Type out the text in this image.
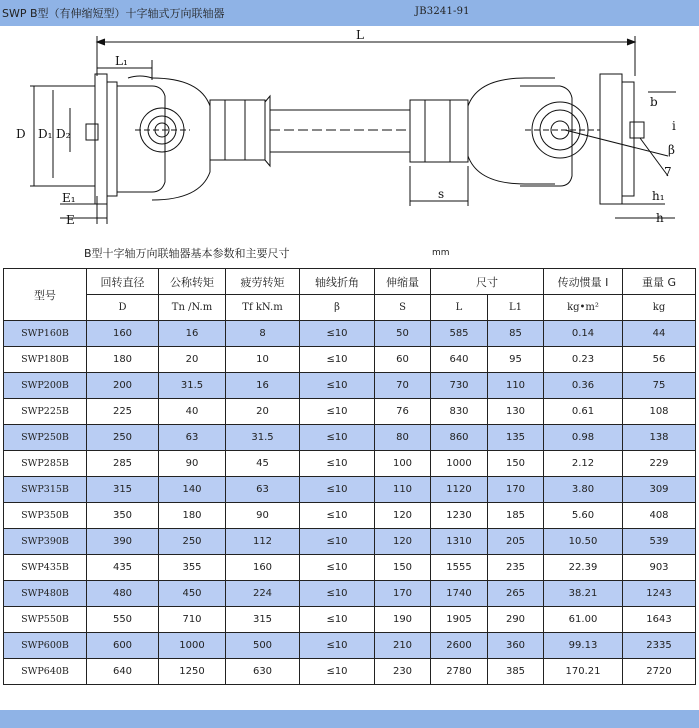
SWP B型（有伸缩短型）十字轴式万向联轴器	JB3241-91
L
L₁
D D₁ D₂
E₁
E
s
b
i
β
7
h₁
h
B型十字轴万向联轴器基本参数和主要尺寸	mm
型号	回转直径	公称转矩	疲劳转矩	轴线折角	伸缩量	尺寸		传动惯量 I	重量 G
	D	Tn /N.m	Tf kN.m	β	S	L	L1	kg•m²	kg
SWP160B	160	16	8	≤10	50	585	85	0.14	44
SWP180B	180	20	10	≤10	60	640	95	0.23	56
SWP200B	200	31.5	16	≤10	70	730	110	0.36	75
SWP225B	225	40	20	≤10	76	830	130	0.61	108
SWP250B	250	63	31.5	≤10	80	860	135	0.98	138
SWP285B	285	90	45	≤10	100	1000	150	2.12	229
SWP315B	315	140	63	≤10	110	1120	170	3.80	309
SWP350B	350	180	90	≤10	120	1230	185	5.60	408
SWP390B	390	250	112	≤10	120	1310	205	10.50	539
SWP435B	435	355	160	≤10	150	1555	235	22.39	903
SWP480B	480	450	224	≤10	170	1740	265	38.21	1243
SWP550B	550	710	315	≤10	190	1905	290	61.00	1643
SWP600B	600	1000	500	≤10	210	2600	360	99.13	2335
SWP640B	640	1250	630	≤10	230	2780	385	170.21	2720
